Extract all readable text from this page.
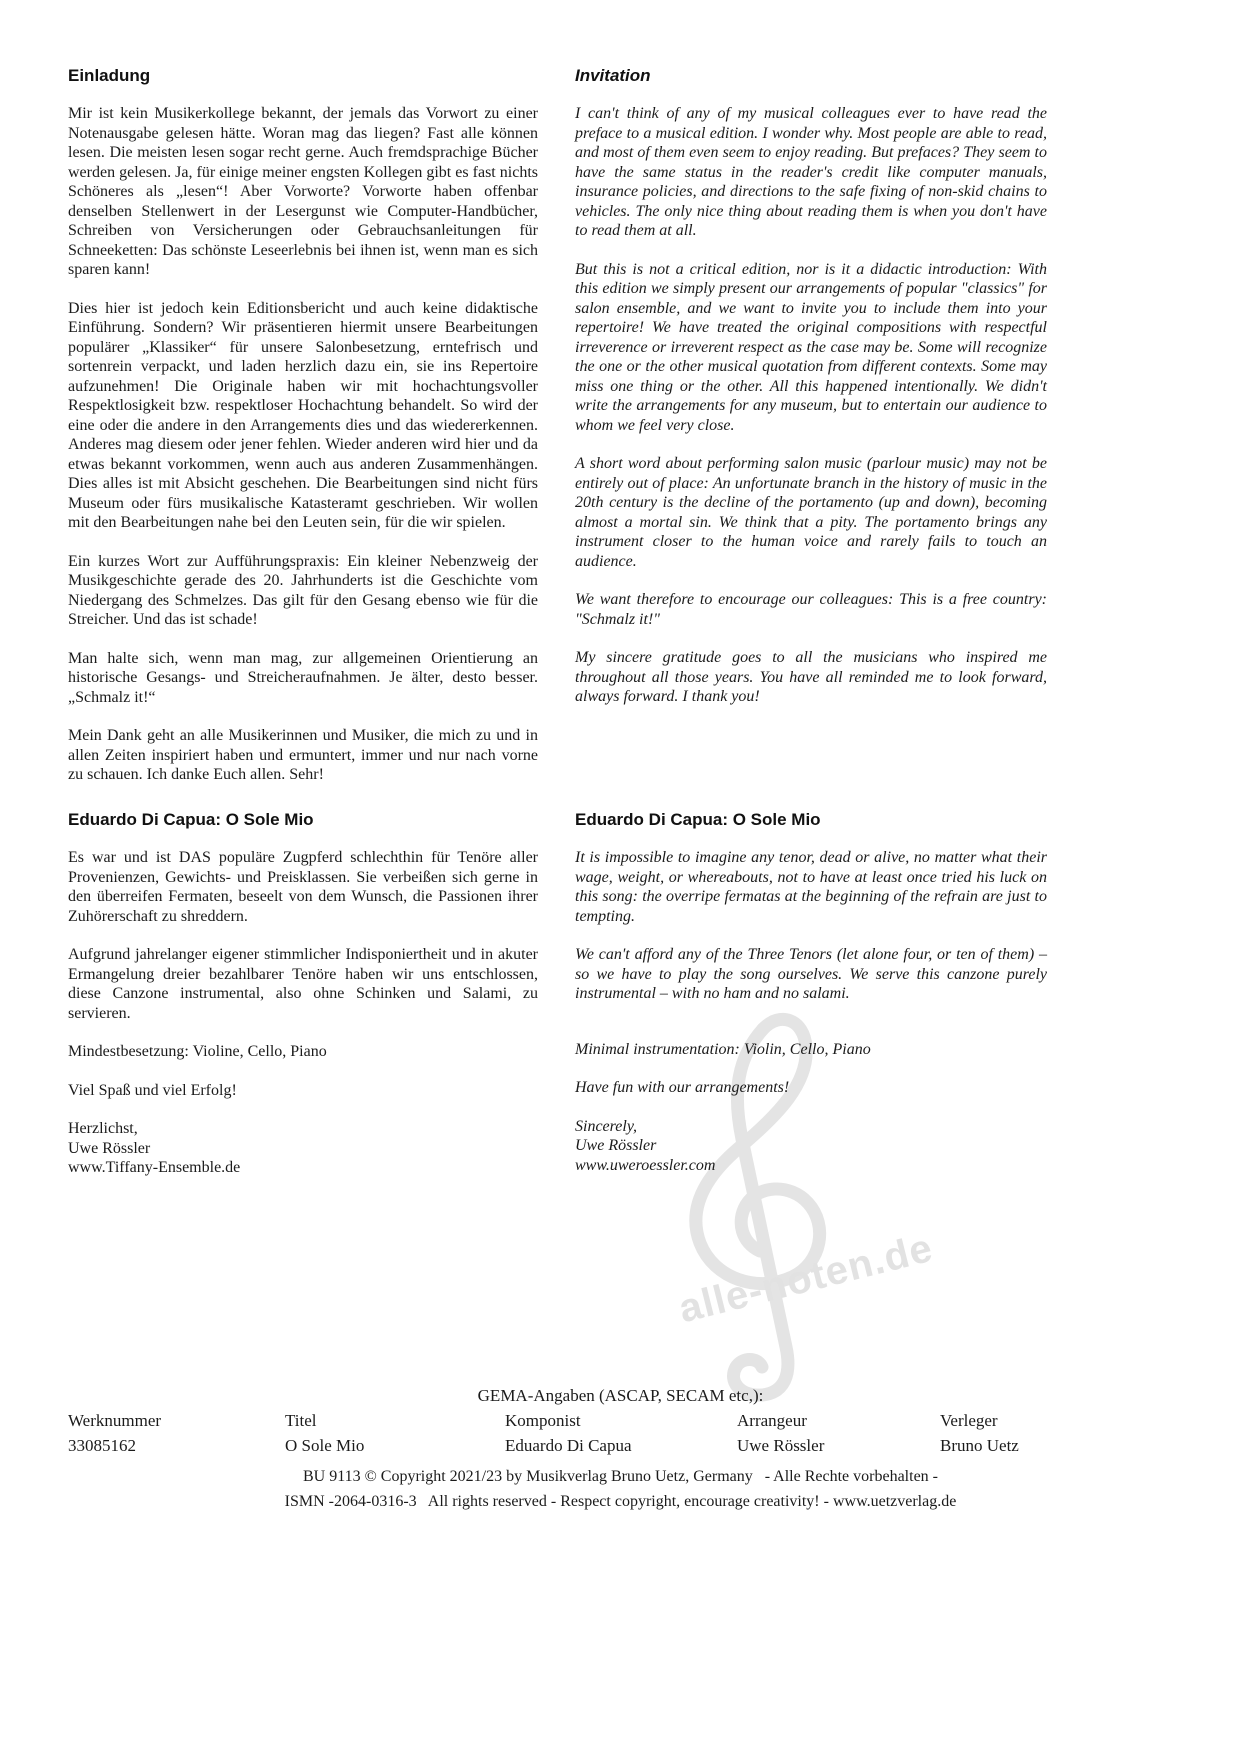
alle-noten.de
Einladung

Mir ist kein Musikerkollege bekannt, der jemals das Vorwort zu einer Notenausgabe gelesen hätte. Woran mag das liegen? Fast alle können lesen. Die meisten lesen sogar recht gerne. Auch fremdsprachige Bücher werden gelesen. Ja, für einige meiner engsten Kollegen gibt es fast nichts Schöneres als „lesen“! Aber Vorworte? Vorworte haben offenbar denselben Stellenwert in der Lesergunst wie Computer-Handbücher, Schreiben von Versicherungen oder Gebrauchsanleitungen für Schneeketten: Das schönste Leseerlebnis bei ihnen ist, wenn man es sich sparen kann!

Dies hier ist jedoch kein Editionsbericht und auch keine didaktische Einführung. Sondern? Wir präsentieren hiermit unsere Bearbeitungen populärer „Klassiker“ für unsere Salonbesetzung, erntefrisch und sortenrein verpackt, und laden herzlich dazu ein, sie ins Repertoire aufzunehmen! Die Originale haben wir mit hochachtungsvoller Respektlosigkeit bzw. respektloser Hochachtung behandelt. So wird der eine oder die andere in den Arrangements dies und das wiedererkennen. Anderes mag diesem oder jener fehlen. Wieder anderen wird hier und da etwas bekannt vorkommen, wenn auch aus anderen Zusammenhängen. Dies alles ist mit Absicht geschehen. Die Bearbeitungen sind nicht fürs Museum oder fürs musikalische Katasteramt geschrieben. Wir wollen mit den Bearbeitungen nahe bei den Leuten sein, für die wir spielen.

Ein kurzes Wort zur Aufführungspraxis: Ein kleiner Nebenzweig der Musikgeschichte gerade des 20. Jahrhunderts ist die Geschichte vom Niedergang des Schmelzes. Das gilt für den Gesang ebenso wie für die Streicher. Und das ist schade!

Man halte sich, wenn man mag, zur allgemeinen Orientierung an historische Gesangs- und Streicheraufnahmen. Je älter, desto besser. „Schmalz it!“

Mein Dank geht an alle Musikerinnen und Musiker, die mich zu und in allen Zeiten inspiriert haben und ermuntert, immer und nur nach vorne zu schauen. Ich danke Euch allen. Sehr!

Invitation

I can't think of any of my musical colleagues ever to have read the preface to a musical edition. I wonder why. Most people are able to read, and most of them even seem to enjoy reading. But prefaces? They seem to have the same status in the reader's credit like computer manuals, insurance policies, and directions to the safe fixing of non-skid chains to vehicles. The only nice thing about reading them is when you don't have to read them at all.

But this is not a critical edition, nor is it a didactic introduction: With this edition we simply present our arrangements of popular "classics" for salon ensemble, and we want to invite you to include them into your repertoire! We have treated the original compositions with respectful irreverence or irreverent respect as the case may be. Some will recognize the one or the other musical quotation from different contexts. Some may miss one thing or the other. All this happened intentionally. We didn't write the arrangements for any museum, but to entertain our audience to whom we feel very close.

A short word about performing salon music (parlour music) may not be entirely out of place: An unfortunate branch in the history of music in the 20th century is the decline of the portamento (up and down), becoming almost a mortal sin. We think that a pity. The portamento brings any instrument closer to the human voice and rarely fails to touch an audience.

We want therefore to encourage our colleagues: This is a free country: "Schmalz it!"

My sincere gratitude goes to all the musicians who inspired me throughout all those years. You have all reminded me to look forward, always forward. I thank you!

Eduardo Di Capua: O Sole Mio

Es war und ist DAS populäre Zugpferd schlechthin für Tenöre aller Provenienzen, Gewichts- und Preisklassen. Sie verbeißen sich gerne in den überreifen Fermaten, beseelt von dem Wunsch, die Passionen ihrer Zuhörerschaft zu shreddern.

Aufgrund jahrelanger eigener stimmlicher Indisponiertheit und in akuter Ermangelung dreier bezahlbarer Tenöre haben wir uns entschlossen, diese Canzone instrumental, also ohne Schinken und Salami, zu servieren.

Mindestbesetzung: Violine, Cello, Piano
Viel Spaß und viel Erfolg!
Herzlichst,
Uwe Rössler
www.Tiffany-Ensemble.de
Eduardo Di Capua: O Sole Mio

It is impossible to imagine any tenor, dead or alive, no matter what their wage, weight, or whereabouts, not to have at least once tried his luck on this song: the overripe fermatas at the beginning of the refrain are just to tempting.

We can't afford any of the Three Tenors (let alone four, or ten of them) – so we have to play the song ourselves. We serve this canzone purely instrumental – with no ham and no salami.

Minimal instrumentation: Violin, Cello, Piano
Have fun with our arrangements!
Sincerely,
Uwe Rössler
www.uweroessler.com
GEMA-Angaben (ASCAP, SECAM etc,):
Werknummer
33085162
Titel
O Sole Mio
Komponist
Eduardo Di Capua
Arrangeur
Uwe Rössler
Verleger
Bruno Uetz
BU 9113 © Copyright 2021/23 by Musikverlag Bruno Uetz, Germany   - Alle Rechte vorbehalten -
ISMN -2064-0316-3   All rights reserved - Respect copyright, encourage creativity! - www.uetzverlag.de
